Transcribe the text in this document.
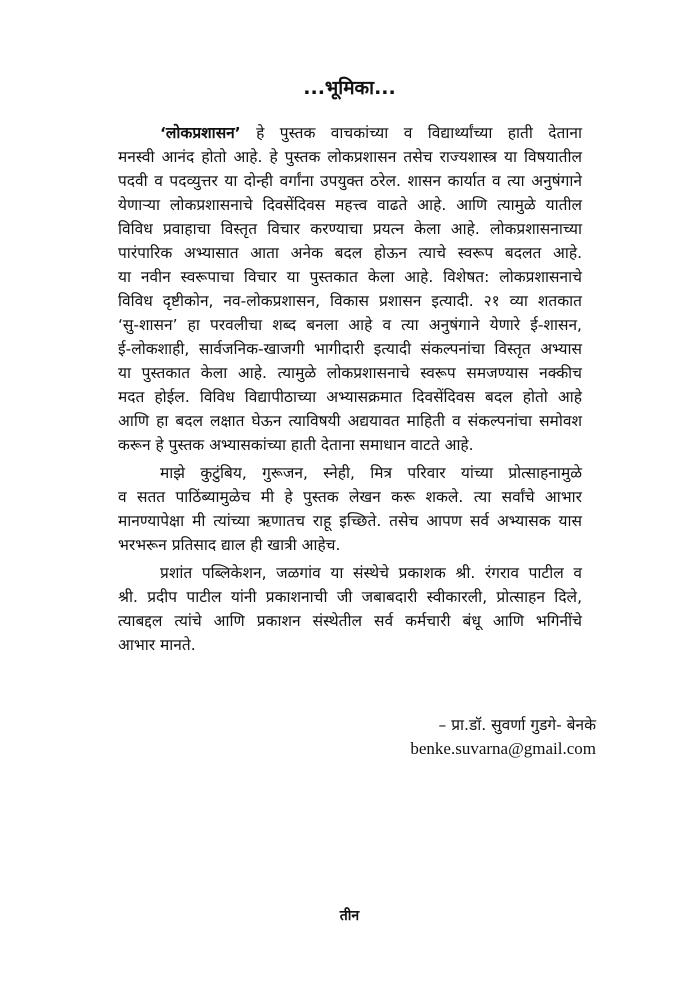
...भूमिका...
‘लोकप्रशासन’ हे पुस्तक वाचकांच्या व विद्यार्थ्यांच्या हाती देताना
मनस्वी आनंद होतो आहे. हे पुस्तक लोकप्रशासन तसेच राज्यशास्त्र या विषयातील
पदवी व पदव्युत्तर या दोन्ही वर्गांना उपयुक्त ठरेल. शासन कार्यात व त्या अनुषंगाने
येणाऱ्या लोकप्रशासनाचे दिवसेंदिवस महत्त्व वाढते आहे. आणि त्यामुळे यातील
विविध प्रवाहाचा विस्तृत विचार करण्याचा प्रयत्न केला आहे. लोकप्रशासनाच्या
पारंपारिक अभ्यासात आता अनेक बदल होऊन त्याचे स्वरूप बदलत आहे.
या नवीन स्वरूपाचा विचार या पुस्तकात केला आहे. विशेषत: लोकप्रशासनाचे
विविध दृष्टीकोन, नव-लोकप्रशासन, विकास प्रशासन इत्यादी. २१ व्या शतकात
‘सु-शासन’ हा परवलीचा शब्द बनला आहे व त्या अनुषंगाने येणारे ई-शासन,
ई-लोकशाही, सार्वजनिक-खाजगी भागीदारी इत्यादी संकल्पनांचा विस्तृत अभ्यास
या पुस्तकात केला आहे. त्यामुळे लोकप्रशासनाचे स्वरूप समजण्यास नक्कीच
मदत होईल. विविध विद्यापीठाच्या अभ्यासक्रमात दिवसेंदिवस बदल होतो आहे
आणि हा बदल लक्षात घेऊन त्याविषयी अद्ययावत माहिती व संकल्पनांचा समोवश
करून हे पुस्तक अभ्यासकांच्या हाती देताना समाधान वाटते आहे.
माझे कुटुंबिय, गुरूजन, स्नेही, मित्र परिवार यांच्या प्रोत्साहनामुळे
व सतत पाठिंब्यामुळेच मी हे पुस्तक लेखन करू शकले. त्या सर्वांचे आभार
मानण्यापेक्षा मी त्यांच्या ऋणातच राहू इच्छिते. तसेच आपण सर्व अभ्यासक यास
भरभरून प्रतिसाद द्याल ही खात्री आहेच.
प्रशांत पब्लिकेशन, जळगांव या संस्थेचे प्रकाशक श्री. रंगराव पाटील व
श्री. प्रदीप पाटील यांनी प्रकाशनाची जी जबाबदारी स्वीकारली, प्रोत्साहन दिले,
त्याबद्दल त्यांचे आणि प्रकाशन संस्थेतील सर्व कर्मचारी बंधू आणि भगिनींचे
आभार मानते.
– प्रा.डॉ. सुवर्णा गुडगे- बेनके
benke.suvarna@gmail.com
तीन
